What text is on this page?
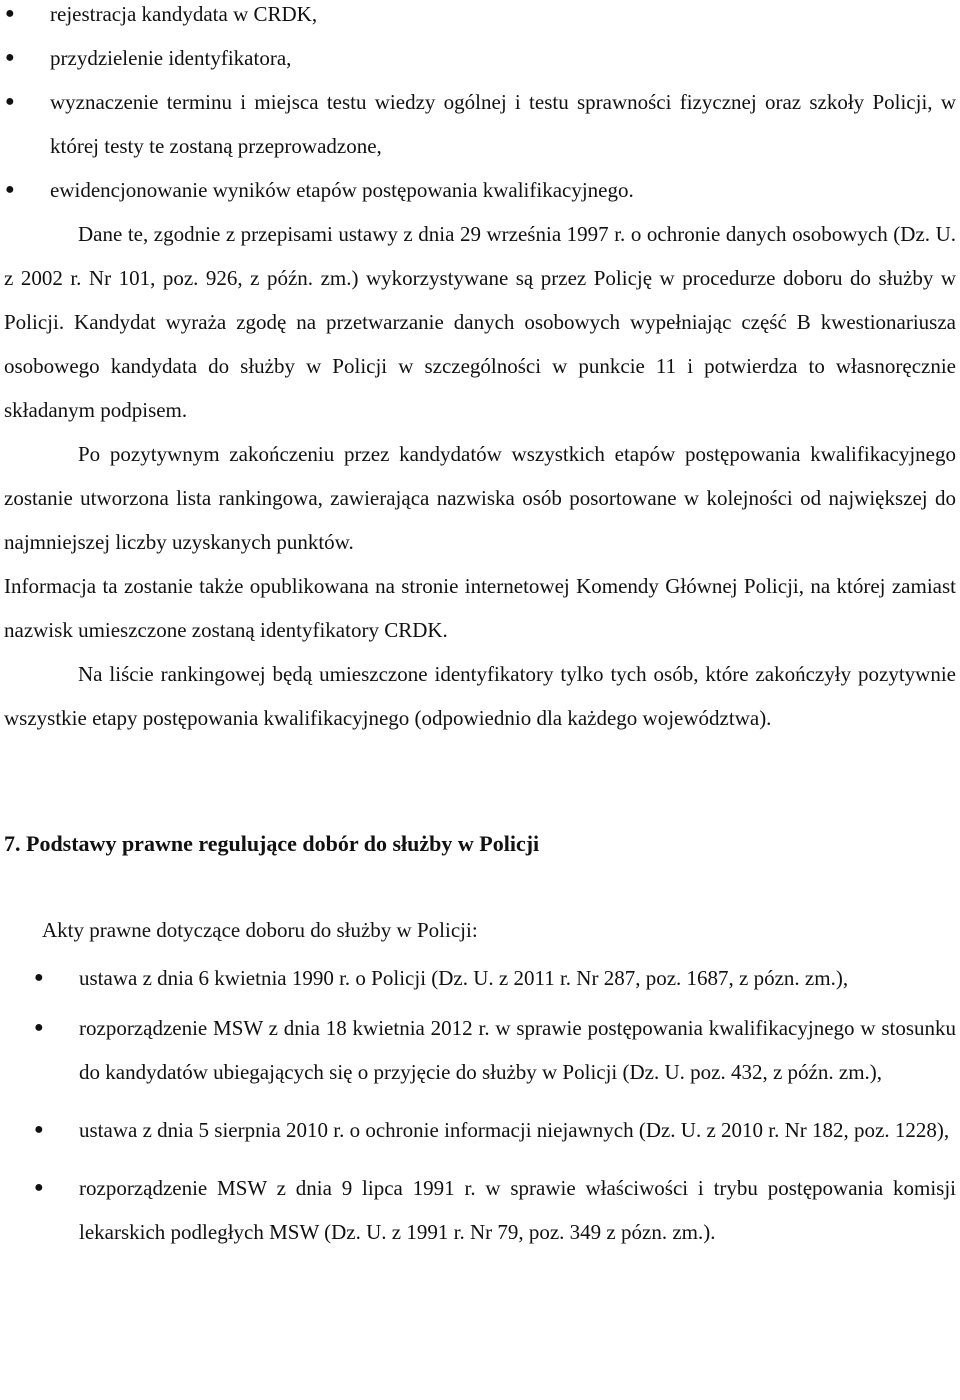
● rejestracja kandydata w CRDK,
● przydzielenie identyfikatora,
● wyznaczenie terminu i miejsca testu wiedzy ogólnej i testu sprawności fizycznej oraz szkoły Policji, w której testy te zostaną przeprowadzone,
● ewidencjonowanie wyników etapów postępowania kwalifikacyjnego.

Dane te, zgodnie z przepisami ustawy z dnia 29 września 1997 r. o ochronie danych osobowych (Dz. U. z 2002 r. Nr 101, poz. 926, z późn. zm.) wykorzystywane są przez Policję w procedurze doboru do służby w Policji. Kandydat wyraża zgodę na przetwarzanie danych osobowych wypełniając część B kwestionariusza osobowego kandydata do służby w Policji w szczególności w punkcie 11 i potwierdza to własnoręcznie składanym podpisem.

Po pozytywnym zakończeniu przez kandydatów wszystkich etapów postępowania kwalifikacyjnego zostanie utworzona lista rankingowa, zawierająca nazwiska osób posortowane w kolejności od największej do najmniejszej liczby uzyskanych punktów.

Informacja ta zostanie także opublikowana na stronie internetowej Komendy Głównej Policji, na której zamiast nazwisk umieszczone zostaną identyfikatory CRDK.

Na liście rankingowej będą umieszczone identyfikatory tylko tych osób, które zakończyły pozytywnie wszystkie etapy postępowania kwalifikacyjnego (odpowiednio dla każdego województwa).

7. Podstawy prawne regulujące dobór do służby w Policji

Akty prawne dotyczące doboru do służby w Policji:

● ustawa z dnia 6 kwietnia 1990 r. o Policji (Dz. U. z 2011 r. Nr 287, poz. 1687, z pózn. zm.),
● rozporządzenie MSW z dnia 18 kwietnia 2012 r. w sprawie postępowania kwalifikacyjnego w stosunku do kandydatów ubiegających się o przyjęcie do służby w Policji (Dz. U. poz. 432, z późn. zm.),
● ustawa z dnia 5 sierpnia 2010 r. o ochronie informacji niejawnych (Dz. U. z 2010 r. Nr 182, poz. 1228),
● rozporządzenie MSW z dnia 9 lipca 1991 r. w sprawie właściwości i trybu postępowania komisji lekarskich podległych MSW (Dz. U. z 1991 r. Nr 79, poz. 349 z pózn. zm.).
